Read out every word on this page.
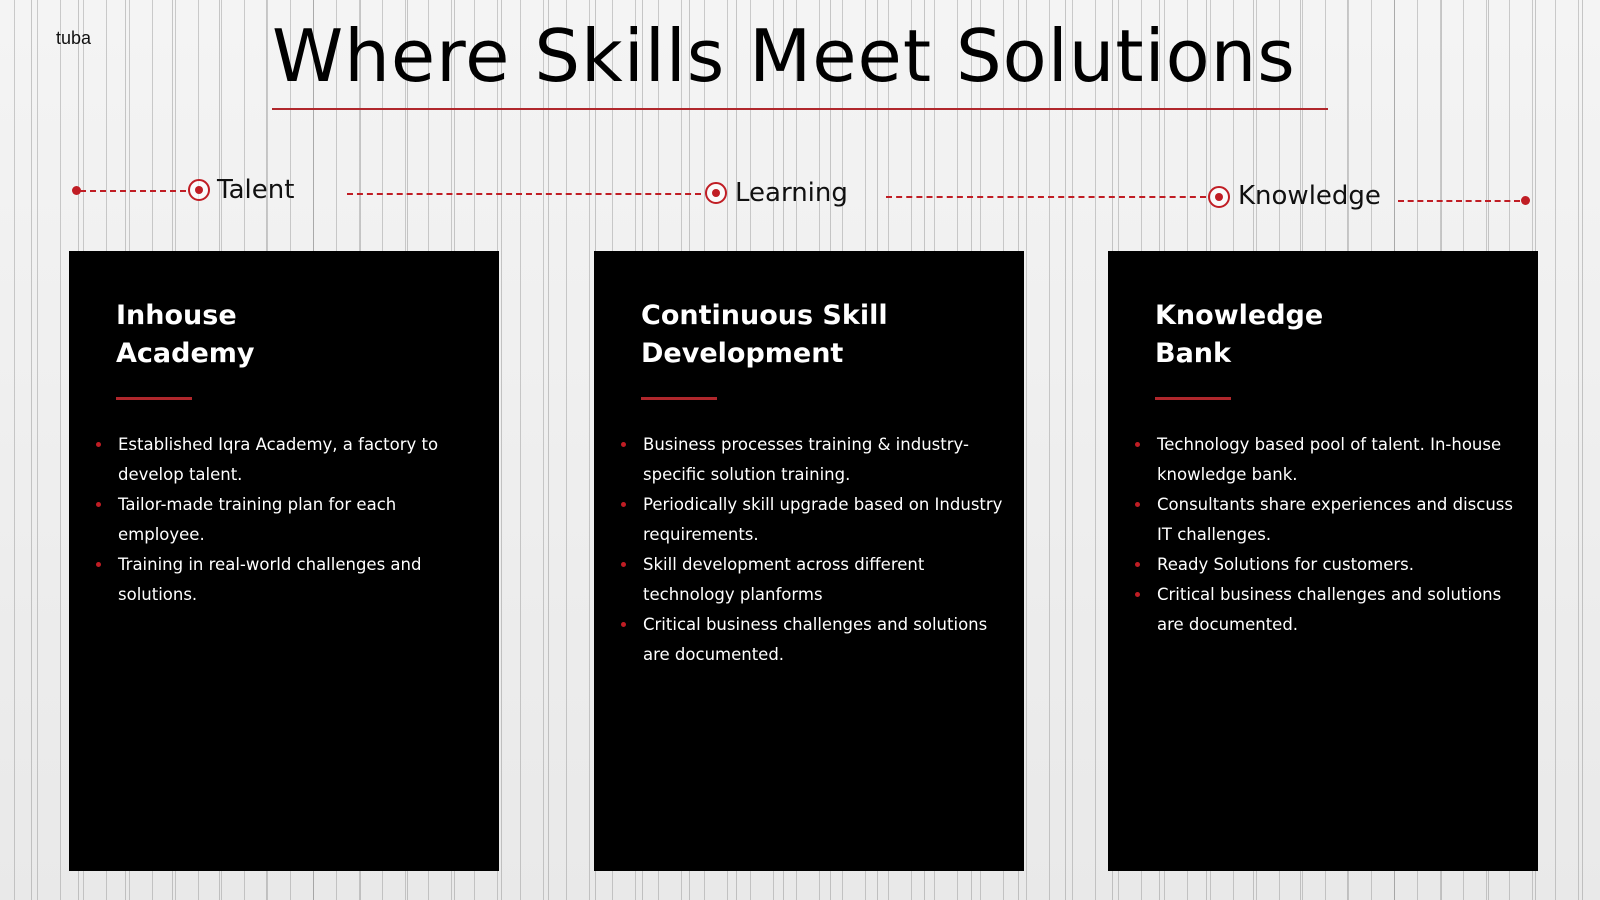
tuba	Where Skills Meet Solutions
Talent	Learning	Knowledge
Inhouse
Academy
Established Iqra Academy, a factory to develop talent.
Tailor-made training plan for each employee.
Training in real-world challenges and solutions.
Continuous Skill
Development
Business processes training & industry-specific solution training.
Periodically skill upgrade based on Industry requirements.
Skill development across different technology planforms
Critical business challenges and solutions are documented.
Knowledge
Bank
Technology based pool of talent. In-house knowledge bank.
Consultants share experiences and discuss IT challenges.
Ready Solutions for customers.
Critical business challenges and solutions are documented.
